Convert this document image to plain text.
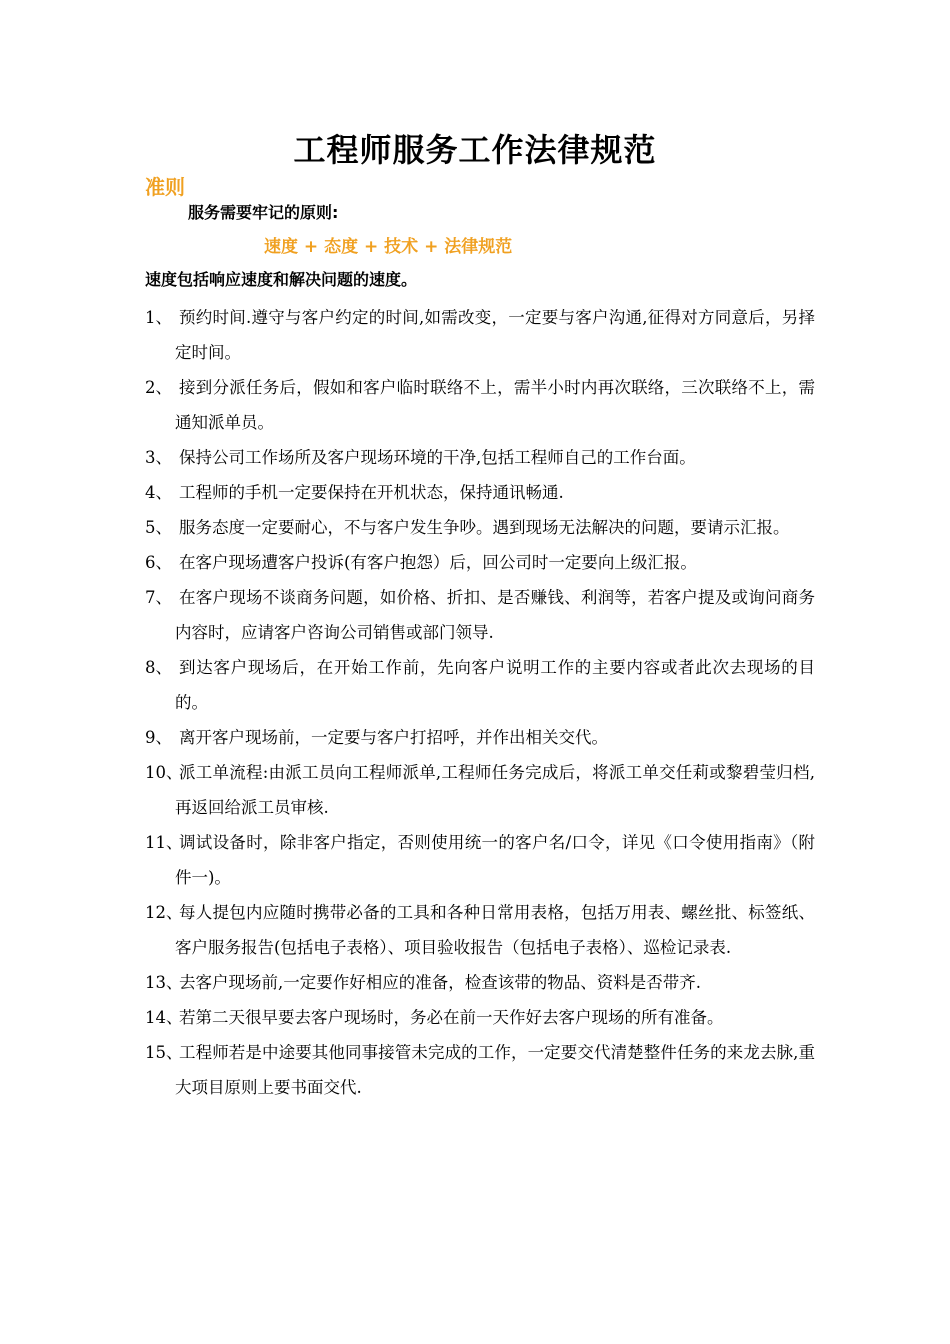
工程师服务工作法律规范
准则
服务需要牢记的原则:
速度 + 态度 + 技术 + 法律规范
速度包括响应速度和解决问题的速度。
1、 预约时间.遵守与客户约定的时间,如需改变，一定要与客户沟通,征得对方同意后，另择定时间。
2、 接到分派任务后，假如和客户临时联络不上，需半小时内再次联络，三次联络不上，需通知派单员。
3、 保持公司工作场所及客户现场环境的干净,包括工程师自己的工作台面。
4、 工程师的手机一定要保持在开机状态，保持通讯畅通.
5、 服务态度一定要耐心，不与客户发生争吵。遇到现场无法解决的问题，要请示汇报。
6、 在客户现场遭客户投诉(有客户抱怨）后，回公司时一定要向上级汇报。
7、 在客户现场不谈商务问题，如价格、折扣、是否赚钱、利润等，若客户提及或询问商务内容时，应请客户咨询公司销售或部门领导.
8、 到达客户现场后，在开始工作前，先向客户说明工作的主要内容或者此次去现场的目的。
9、 离开客户现场前，一定要与客户打招呼，并作出相关交代。
10、
派工单流程:由派工员向工程师派单,工程师任务完成后，将派工单交任莉或黎碧莹归档,再返回给派工员审核.
11、
调试设备时，除非客户指定，否则使用统一的客户名/口令，详见《口令使用指南》（附件一)。
12、
每人提包内应随时携带必备的工具和各种日常用表格，包括万用表、螺丝批、标签纸、客户服务报告(包括电子表格）、项目验收报告（包括电子表格）、巡检记录表.
13、
去客户现场前,一定要作好相应的准备，检查该带的物品、资料是否带齐.
14、
若第二天很早要去客户现场时，务必在前一天作好去客户现场的所有准备。
15、
工程师若是中途要其他同事接管未完成的工作，一定要交代清楚整件任务的来龙去脉,重大项目原则上要书面交代.
